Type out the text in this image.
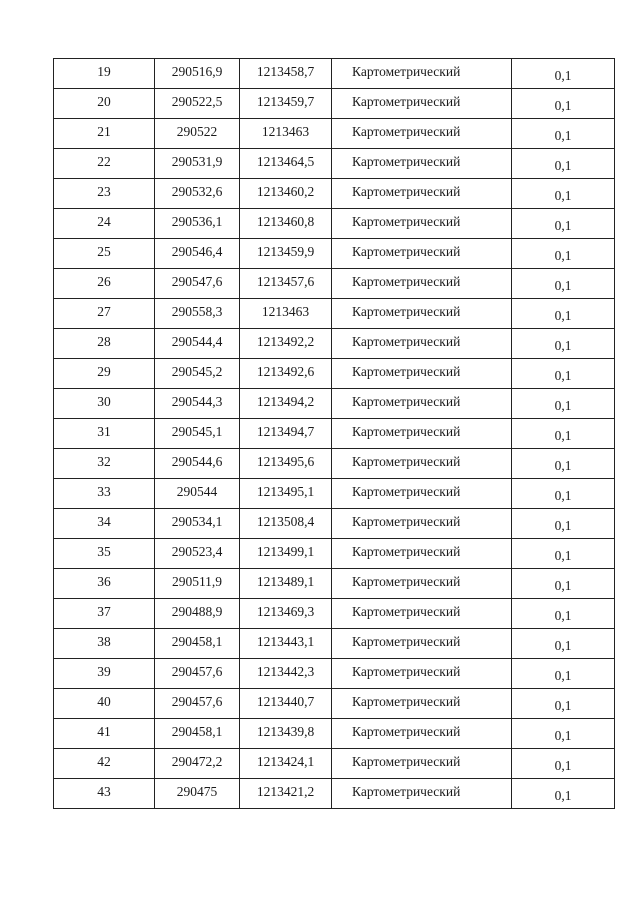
19	290516,9	1213458,7	Картометрический	0,1
20	290522,5	1213459,7	Картометрический	0,1
21	290522	1213463	Картометрический	0,1
22	290531,9	1213464,5	Картометрический	0,1
23	290532,6	1213460,2	Картометрический	0,1
24	290536,1	1213460,8	Картометрический	0,1
25	290546,4	1213459,9	Картометрический	0,1
26	290547,6	1213457,6	Картометрический	0,1
27	290558,3	1213463	Картометрический	0,1
28	290544,4	1213492,2	Картометрический	0,1
29	290545,2	1213492,6	Картометрический	0,1
30	290544,3	1213494,2	Картометрический	0,1
31	290545,1	1213494,7	Картометрический	0,1
32	290544,6	1213495,6	Картометрический	0,1
33	290544	1213495,1	Картометрический	0,1
34	290534,1	1213508,4	Картометрический	0,1
35	290523,4	1213499,1	Картометрический	0,1
36	290511,9	1213489,1	Картометрический	0,1
37	290488,9	1213469,3	Картометрический	0,1
38	290458,1	1213443,1	Картометрический	0,1
39	290457,6	1213442,3	Картометрический	0,1
40	290457,6	1213440,7	Картометрический	0,1
41	290458,1	1213439,8	Картометрический	0,1
42	290472,2	1213424,1	Картометрический	0,1
43	290475	1213421,2	Картометрический	0,1
